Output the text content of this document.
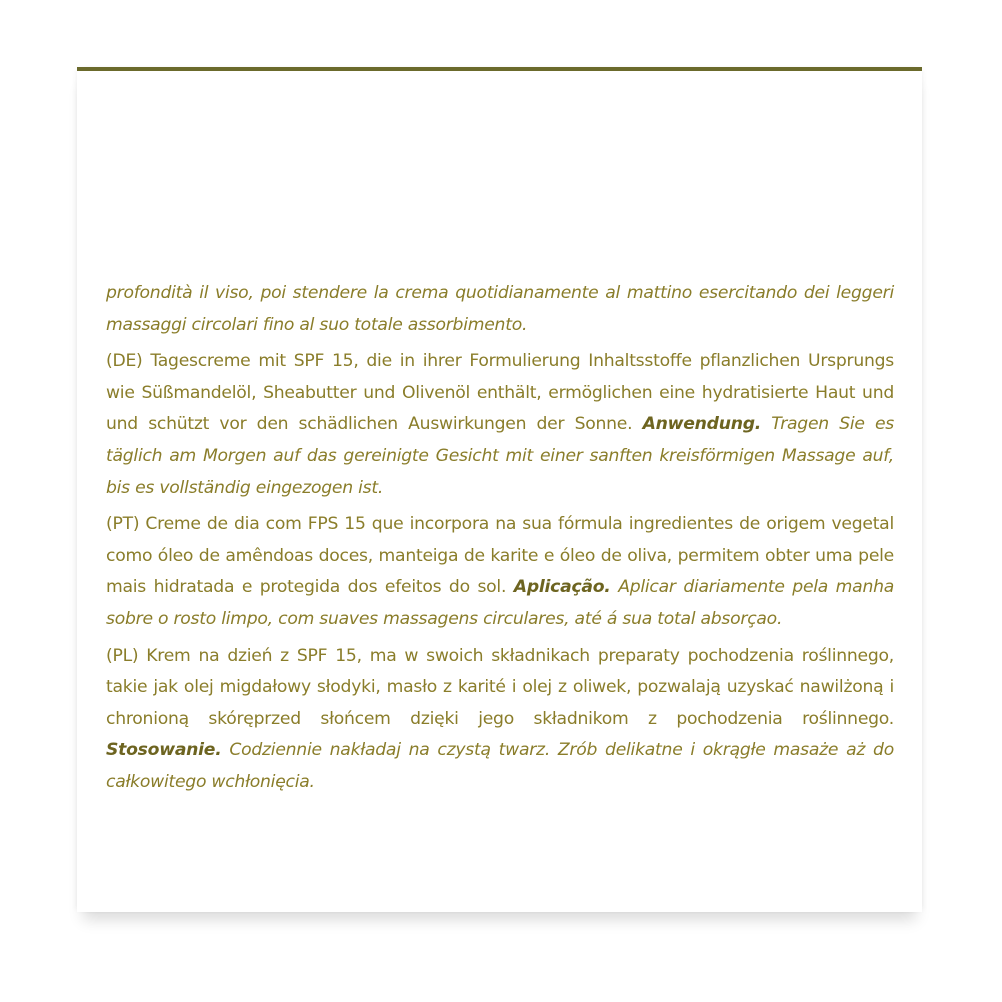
profondità il viso, poi stendere la crema quotidianamente al mattino esercitando dei leggeri massaggi circolari fino al suo totale assorbimento.

(DE) Tagescreme mit SPF 15, die in ihrer Formulierung Inhaltsstoffe pflanzlichen Ursprungs wie Süßmandelöl, Sheabutter und Olivenöl enthält, ermöglichen eine hydratisierte Haut und und schützt vor den schädlichen Auswirkungen der Sonne. Anwendung. Tragen Sie es täglich am Morgen auf das gereinigte Gesicht mit einer sanften kreisförmigen Massage auf, bis es vollständig eingezogen ist.

(PT) Creme de dia com FPS 15 que incorpora na sua fórmula ingredientes de origem vegetal como óleo de amêndoas doces, manteiga de karite e óleo de oliva, permitem obter uma pele mais hidratada e protegida dos efeitos do sol. Aplicação. Aplicar diariamente pela manha sobre o rosto limpo, com suaves massagens circulares, até á sua total absorçao.

(PL) Krem na dzień z SPF 15, ma w swoich składnikach preparaty pochodzenia roślinnego, takie jak olej migdałowy słodyki, masło z karité i olej z oliwek, pozwalają uzyskać nawilżoną i chronioną skóręprzed słońcem dzięki jego składnikom z pochodzenia roślinnego. Stosowanie. Codziennie nakładaj na czystą twarz. Zrób delikatne i okrągłe masaże aż do całkowitego wchłonięcia.
